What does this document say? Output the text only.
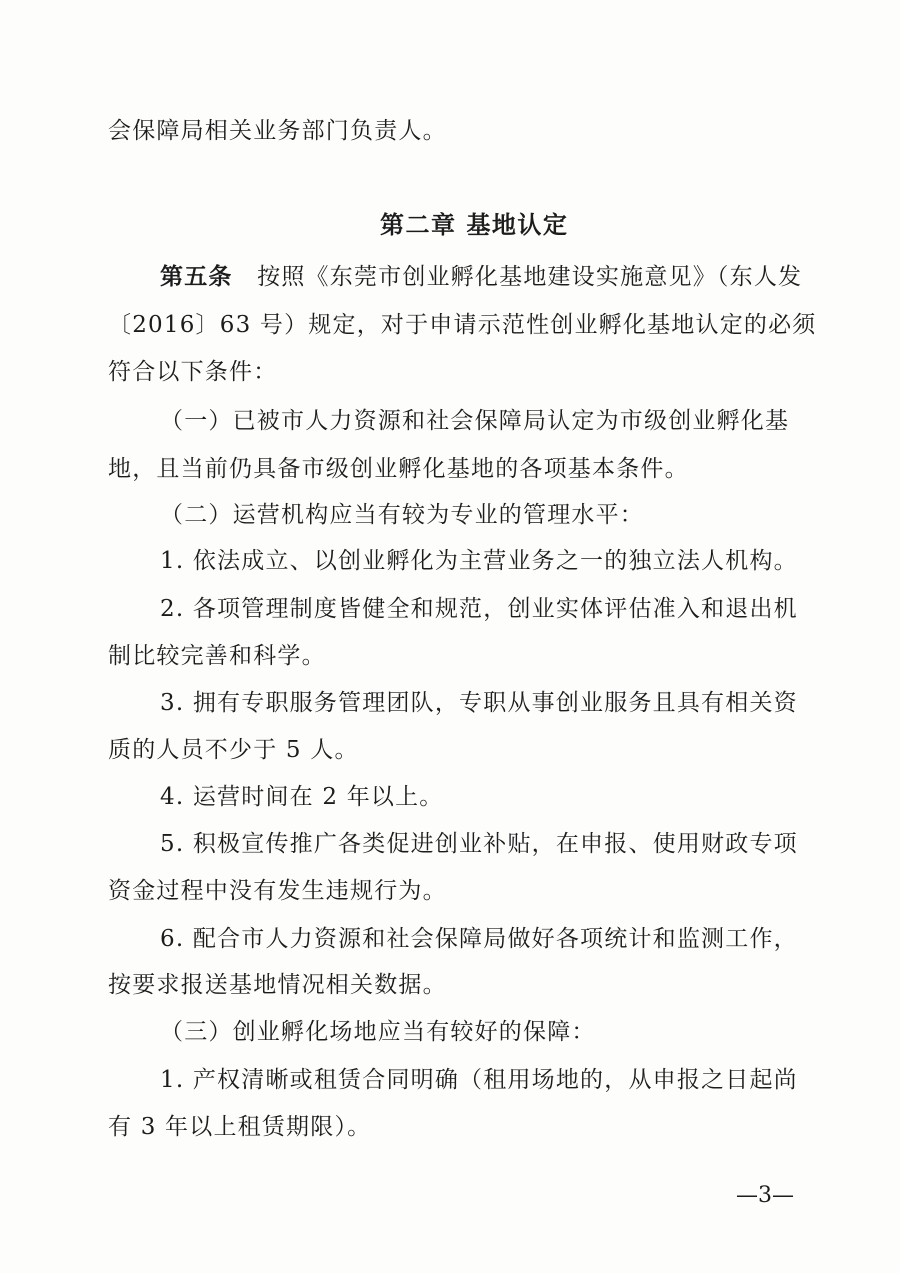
会保障局相关业务部门负责人。
第二章 基地认定
第五条 按照《东莞市创业孵化基地建设实施意见》（东人发
〔2016〕63 号）规定，对于申请示范性创业孵化基地认定的必须
符合以下条件：
（一）已被市人力资源和社会保障局认定为市级创业孵化基
地，且当前仍具备市级创业孵化基地的各项基本条件。
（二）运营机构应当有较为专业的管理水平：
1. 依法成立、以创业孵化为主营业务之一的独立法人机构。
2. 各项管理制度皆健全和规范，创业实体评估准入和退出机
制比较完善和科学。
3. 拥有专职服务管理团队，专职从事创业服务且具有相关资
质的人员不少于 5 人。
4. 运营时间在 2 年以上。
5. 积极宣传推广各类促进创业补贴，在申报、使用财政专项
资金过程中没有发生违规行为。
6. 配合市人力资源和社会保障局做好各项统计和监测工作，
按要求报送基地情况相关数据。
（三）创业孵化场地应当有较好的保障：
1. 产权清晰或租赁合同明确（租用场地的，从申报之日起尚
有 3 年以上租赁期限）。
—3—
